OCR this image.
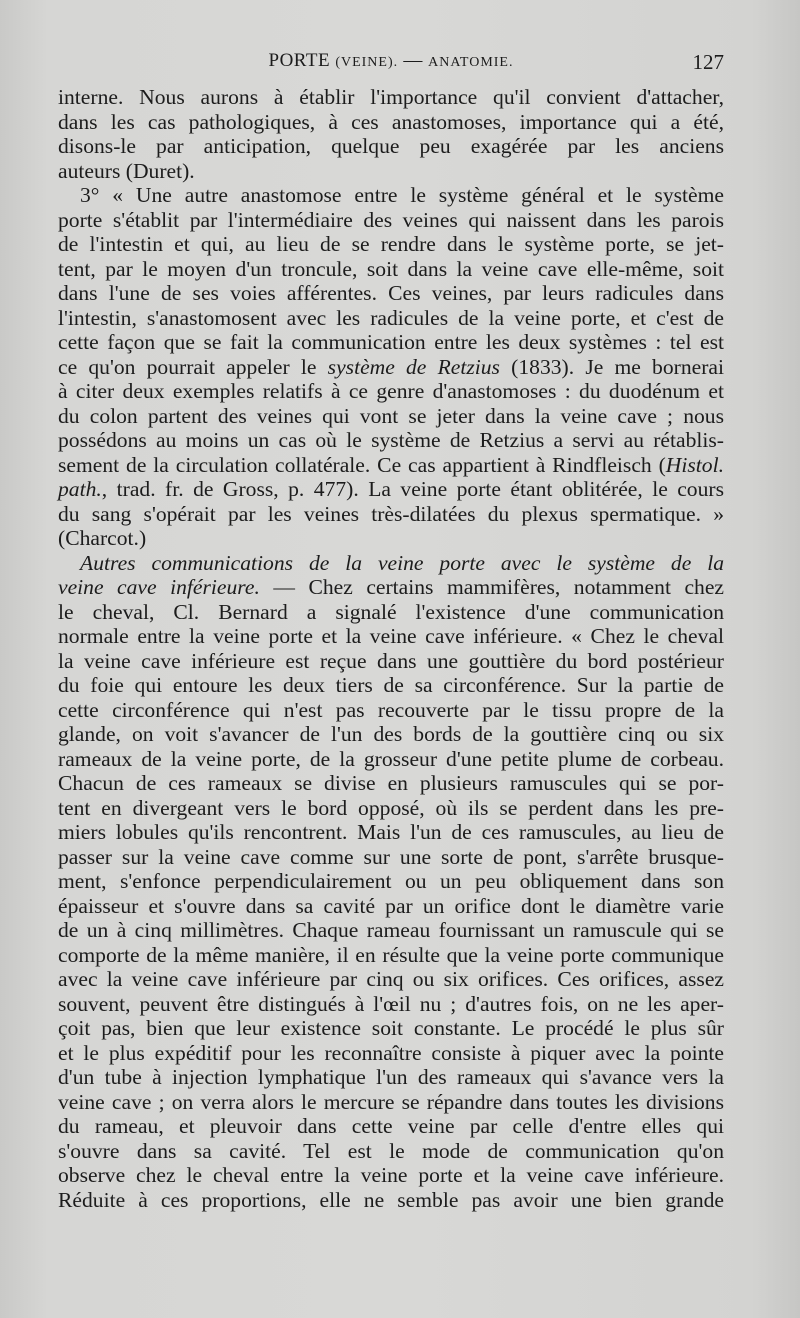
PORTE (VEINE). — ANATOMIE.	127
interne. Nous aurons à établir l'importance qu'il convient d'attacher,
dans les cas pathologiques, à ces anastomoses, importance qui a été,
disons-le par anticipation, quelque peu exagérée par les anciens
auteurs (Duret).
3° « Une autre anastomose entre le système général et le système
porte s'établit par l'intermédiaire des veines qui naissent dans les parois
de l'intestin et qui, au lieu de se rendre dans le système porte, se jet-
tent, par le moyen d'un troncule, soit dans la veine cave elle-même, soit
dans l'une de ses voies afférentes. Ces veines, par leurs radicules dans
l'intestin, s'anastomosent avec les radicules de la veine porte, et c'est de
cette façon que se fait la communication entre les deux systèmes : tel est
ce qu'on pourrait appeler le système de Retzius (1833). Je me bornerai
à citer deux exemples relatifs à ce genre d'anastomoses : du duodénum et
du colon partent des veines qui vont se jeter dans la veine cave ; nous
possédons au moins un cas où le système de Retzius a servi au rétablis-
sement de la circulation collatérale. Ce cas appartient à Rindfleisch (Histol.
path., trad. fr. de Gross, p. 477). La veine porte étant oblitérée, le cours
du sang s'opérait par les veines très-dilatées du plexus spermatique. »
(Charcot.)
Autres communications de la veine porte avec le système de la
veine cave inférieure. — Chez certains mammifères, notamment chez
le cheval, Cl. Bernard a signalé l'existence d'une communication
normale entre la veine porte et la veine cave inférieure. « Chez le cheval
la veine cave inférieure est reçue dans une gouttière du bord postérieur
du foie qui entoure les deux tiers de sa circonférence. Sur la partie de
cette circonférence qui n'est pas recouverte par le tissu propre de la
glande, on voit s'avancer de l'un des bords de la gouttière cinq ou six
rameaux de la veine porte, de la grosseur d'une petite plume de corbeau.
Chacun de ces rameaux se divise en plusieurs ramuscules qui se por-
tent en divergeant vers le bord opposé, où ils se perdent dans les pre-
miers lobules qu'ils rencontrent. Mais l'un de ces ramuscules, au lieu de
passer sur la veine cave comme sur une sorte de pont, s'arrête brusque-
ment, s'enfonce perpendiculairement ou un peu obliquement dans son
épaisseur et s'ouvre dans sa cavité par un orifice dont le diamètre varie
de un à cinq millimètres. Chaque rameau fournissant un ramuscule qui se
comporte de la même manière, il en résulte que la veine porte communique
avec la veine cave inférieure par cinq ou six orifices. Ces orifices, assez
souvent, peuvent être distingués à l'œil nu ; d'autres fois, on ne les aper-
çoit pas, bien que leur existence soit constante. Le procédé le plus sûr
et le plus expéditif pour les reconnaître consiste à piquer avec la pointe
d'un tube à injection lymphatique l'un des rameaux qui s'avance vers la
veine cave ; on verra alors le mercure se répandre dans toutes les divisions
du rameau, et pleuvoir dans cette veine par celle d'entre elles qui
s'ouvre dans sa cavité. Tel est le mode de communication qu'on
observe chez le cheval entre la veine porte et la veine cave inférieure.
Réduite à ces proportions, elle ne semble pas avoir une bien grande
